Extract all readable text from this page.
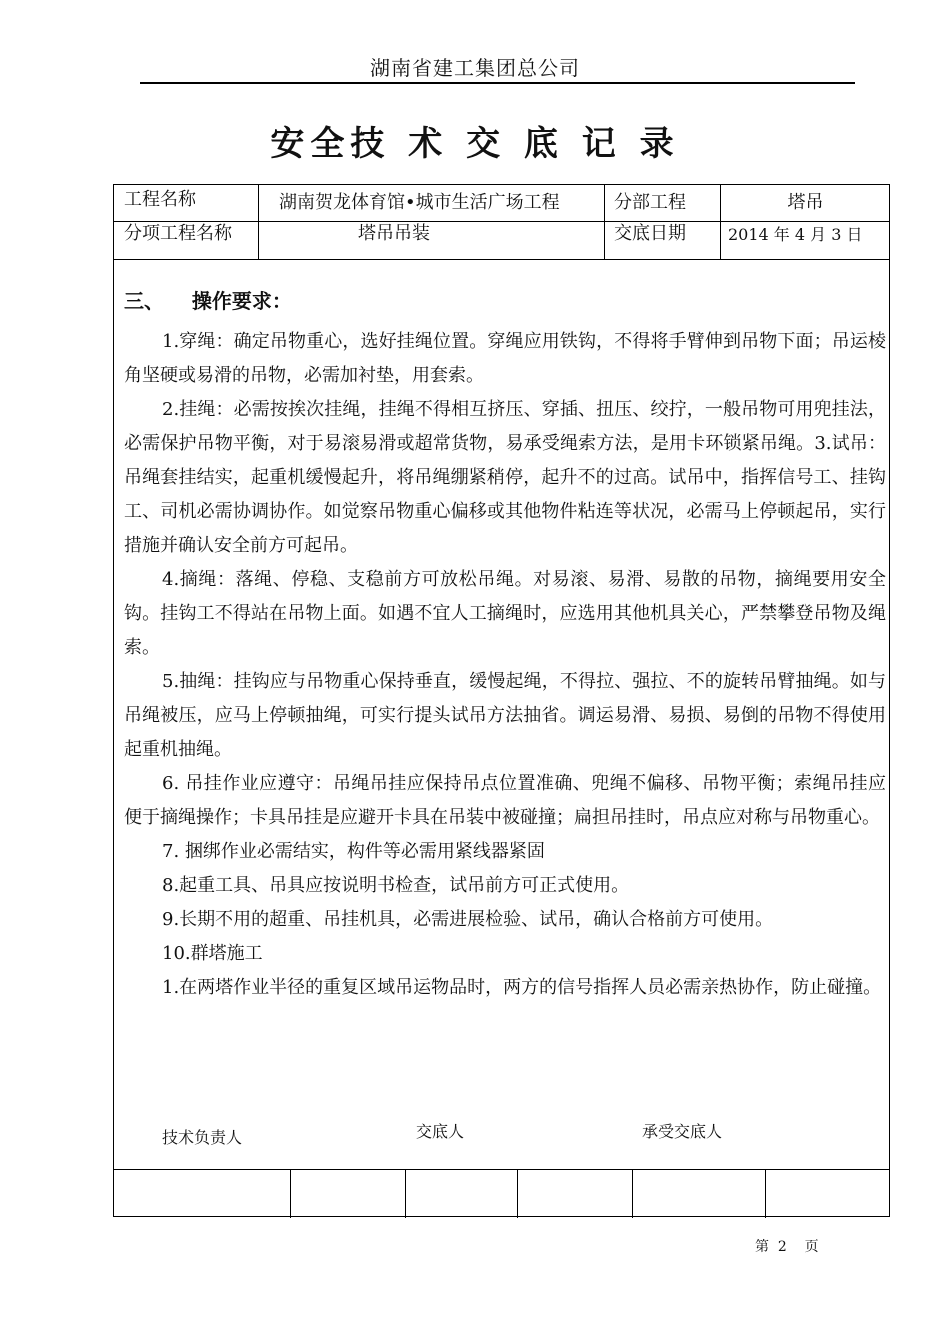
湖南省建工集团总公司
安全技 术 交 底 记 录
工程名称	湖南贺龙体育馆•城市生活广场工程	分部工程	塔吊
分项工程名称	塔吊吊装	交底日期	2014 年 4 月 3 日
三、    操作要求：

1.穿绳：确定吊物重心，选好挂绳位置。穿绳应用铁钩，不得将手臂伸到吊物下面；吊运棱角坚硬或易滑的吊物，必需加衬垫，用套索。

2.挂绳：必需按挨次挂绳，挂绳不得相互挤压、穿插、扭压、绞拧，一般吊物可用兜挂法，必需保护吊物平衡，对于易滚易滑或超常货物，易承受绳索方法，是用卡环锁紧吊绳。3.试吊：吊绳套挂结实，起重机缓慢起升，将吊绳绷紧稍停，起升不的过高。试吊中，指挥信号工、挂钩工、司机必需协调协作。如觉察吊物重心偏移或其他物件粘连等状况，必需马上停顿起吊，实行措施并确认安全前方可起吊。

4.摘绳：落绳、停稳、支稳前方可放松吊绳。对易滚、易滑、易散的吊物，摘绳要用安全钩。挂钩工不得站在吊物上面。如遇不宜人工摘绳时，应选用其他机具关心，严禁攀登吊物及绳索。

5.抽绳：挂钩应与吊物重心保持垂直，缓慢起绳，不得拉、强拉、不的旋转吊臂抽绳。如与吊绳被压，应马上停顿抽绳，可实行提头试吊方法抽省。调运易滑、易损、易倒的吊物不得使用起重机抽绳。

6. 吊挂作业应遵守：吊绳吊挂应保持吊点位置准确、兜绳不偏移、吊物平衡；索绳吊挂应便于摘绳操作；卡具吊挂是应避开卡具在吊装中被碰撞；扁担吊挂时，吊点应对称与吊物重心。

7. 捆绑作业必需结实，构件等必需用紧线器紧固

8.起重工具、吊具应按说明书检查，试吊前方可正式使用。

9.长期不用的超重、吊挂机具，必需进展检验、试吊，确认合格前方可使用。

10.群塔施工

1.在两塔作业半径的重复区域吊运物品时，两方的信号指挥人员必需亲热协作，防止碰撞。

技术负责人	交底人	承受交底人
第  2    页
